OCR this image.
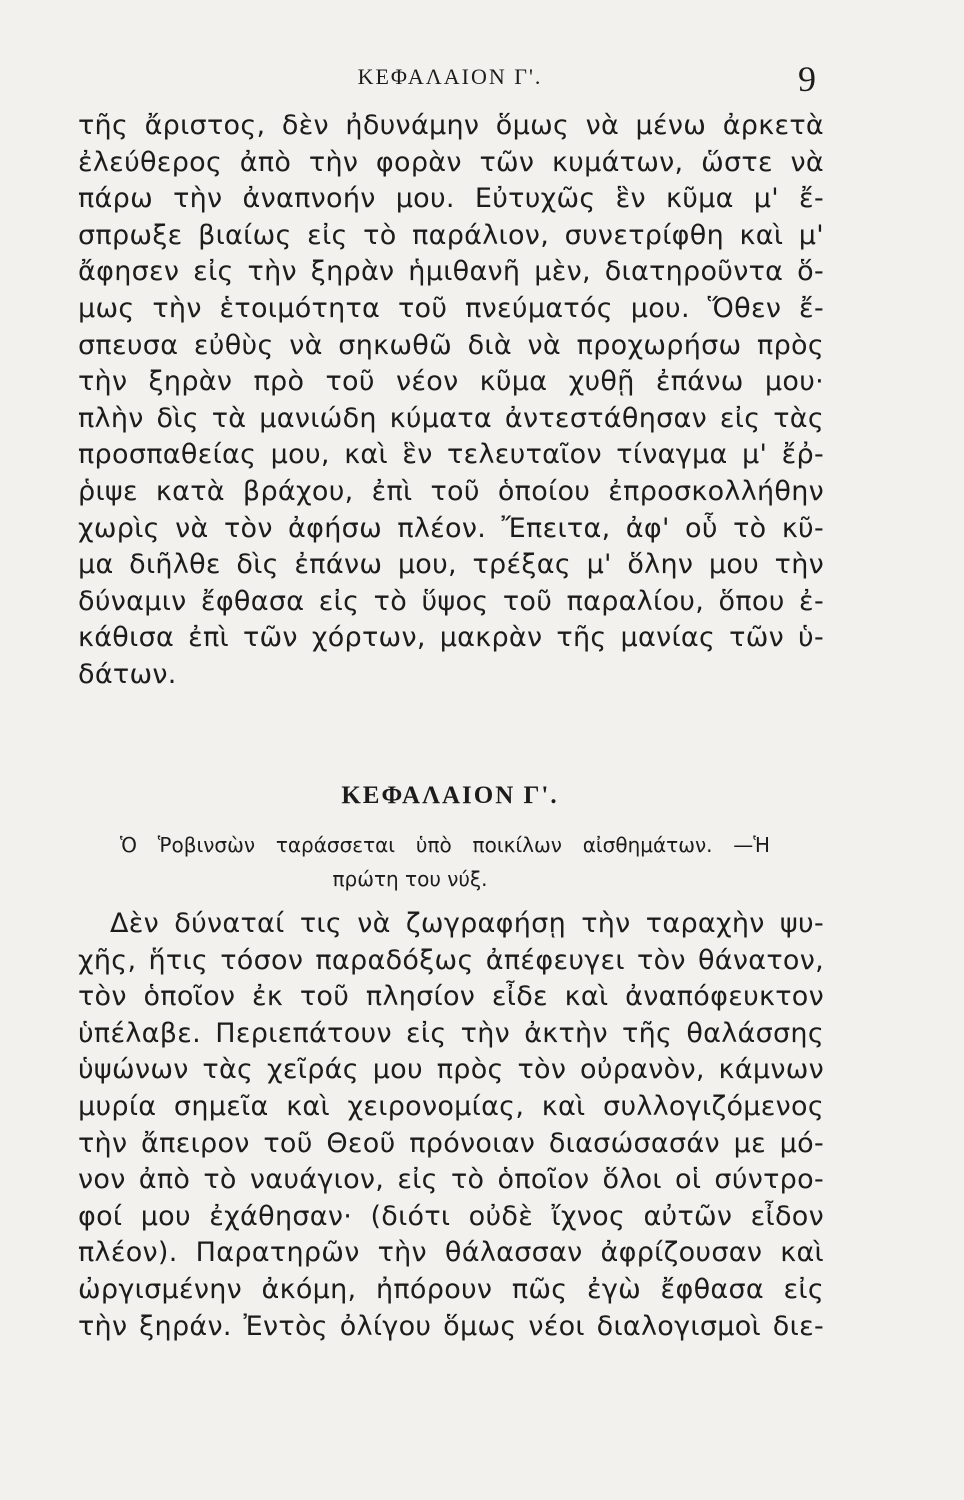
ΚΕΦΑΛΑΙΟΝ Γ'.	9
τῆς ἄριστος, δὲν ἠδυνάμην ὅμως νὰ μένω ἀρκετὰ
ἐλεύθερος ἀπὸ τὴν φορὰν τῶν κυμάτων, ὥστε νὰ
πάρω τὴν ἀναπνοήν μου. Εὐτυχῶς ἓν κῦμα μ' ἔ-
σπρωξε βιαίως εἰς τὸ παράλιον, συνετρίφθη καὶ μ'
ἄφησεν εἰς τὴν ξηρὰν ἡμιθανῆ μὲν, διατηροῦντα ὅ-
μως τὴν ἑτοιμότητα τοῦ πνεύματός μου. Ὅθεν ἔ-
σπευσα εὐθὺς νὰ σηκωθῶ διὰ νὰ προχωρήσω πρὸς
τὴν ξηρὰν πρὸ τοῦ νέον κῦμα χυθῇ ἐπάνω μου·
πλὴν δὶς τὰ μανιώδη κύματα ἀντεστάθησαν εἰς τὰς
προσπαθείας μου, καὶ ἓν τελευταῖον τίναγμα μ' ἔῤ-
ῥιψε κατὰ βράχου, ἐπὶ τοῦ ὁποίου ἐπροσκολλήθην
χωρὶς νὰ τὸν ἀφήσω πλέον. Ἔπειτα, ἀφ' οὗ τὸ κῦ-
μα διῆλθε δὶς ἐπάνω μου, τρέξας μ' ὅλην μου τὴν
δύναμιν ἔφθασα εἰς τὸ ὕψος τοῦ παραλίου, ὅπου ἐ-
κάθισα ἐπὶ τῶν χόρτων, μακρὰν τῆς μανίας τῶν ὑ-
δάτων.
ΚΕΦΑΛΑΙΟΝ Γ'.
Ὁ Ῥοβινσὼν ταράσσεται ὑπὸ ποικίλων αἰσθημάτων. —Ἡ
πρώτη του νύξ.
Δὲν δύναταί τις νὰ ζωγραφήσῃ τὴν ταραχὴν ψυ-
χῆς, ἥτις τόσον παραδόξως ἀπέφευγει τὸν θάνατον,
τὸν ὁποῖον ἐκ τοῦ πλησίον εἶδε καὶ ἀναπόφευκτον
ὑπέλαβε. Περιεπάτουν εἰς τὴν ἀκτὴν τῆς θαλάσσης
ὑψώνων τὰς χεῖράς μου πρὸς τὸν οὐρανὸν, κάμνων
μυρία σημεῖα καὶ χειρονομίας, καὶ συλλογιζόμενος
τὴν ἄπειρον τοῦ Θεοῦ πρόνοιαν διασώσασάν με μό-
νον ἀπὸ τὸ ναυάγιον, εἰς τὸ ὁποῖον ὅλοι οἱ σύντρο-
φοί μου ἐχάθησαν· (διότι οὐδὲ ἴχνος αὐτῶν εἶδον
πλέον). Παρατηρῶν τὴν θάλασσαν ἀφρίζουσαν καὶ
ὠργισμένην ἀκόμη, ἠπόρουν πῶς ἐγὼ ἔφθασα εἰς
τὴν ξηράν. Ἐντὸς ὀλίγου ὅμως νέοι διαλογισμοὶ διε-
